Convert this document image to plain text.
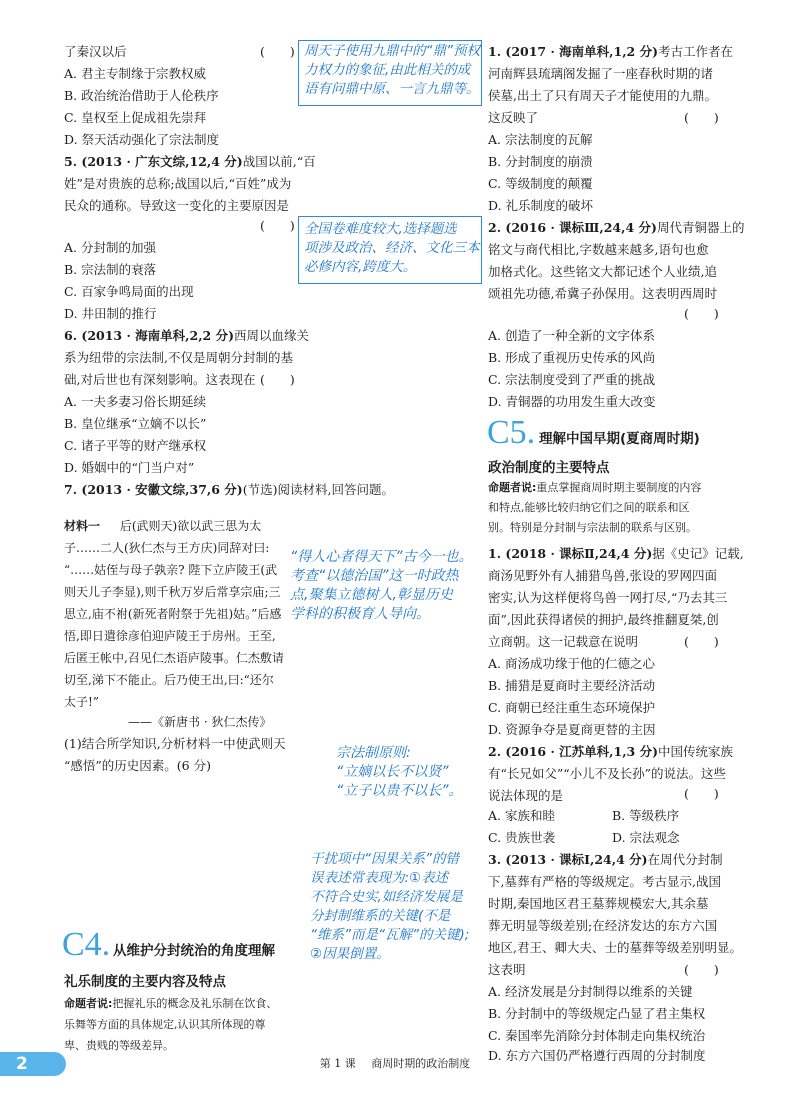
了秦汉以后	(　　)
A. 君主专制缘于宗教权威
B. 政治统治借助于人伦秩序
C. 皇权至上促成祖先崇拜
D. 祭天活动强化了宗法制度
5. (2013 · 广东文综,12,4 分)战国以前,“百
姓”是对贵族的总称;战国以后,“百姓”成为
民众的通称。导致这一变化的主要原因是
(　　)
A. 分封制的加强
B. 宗法制的衰落
C. 百家争鸣局面的出现
D. 井田制的推行
6. (2013 · 海南单科,2,2 分)西周以血缘关
系为纽带的宗法制,不仅是周朝分封制的基
础,对后世也有深刻影响。这表现在 (　　)
A. 一夫多妻习俗长期延续
B. 皇位继承“立嫡不以长”
C. 诸子平等的财产继承权
D. 婚姻中的“门当户对”
7. (2013 · 安徽文综,37,6 分)(节选)阅读材料,回答问题。
材料一 后(武则天)欲以武三思为太
子……二人(狄仁杰与王方庆)同辞对曰:
“……姑侄与母子孰亲? 陛下立庐陵王(武
则天儿子李显),则千秋万岁后常享宗庙;三
思立,庙不祔(新死者附祭于先祖)姑。”后感
悟,即日遣徐彦伯迎庐陵王于房州。王至,
后匿王帐中,召见仁杰语庐陵事。仁杰敷请
切至,涕下不能止。后乃使王出,曰:“还尔
太子!”
——《新唐书 · 狄仁杰传》
(1)结合所学知识,分析材料一中使武则天
“感悟”的历史因素。(6 分)
C4. 从维护分封统治的角度理解
礼乐制度的主要内容及特点
命题者说:把握礼乐的概念及礼乐制在饮食、
乐舞等方面的具体规定,认识其所体现的尊
卑、贵贱的等级差异。
1. (2017 · 海南单科,1,2 分)考古工作者在
河南辉县琉璃阁发掘了一座春秋时期的诸
侯墓,出土了只有周天子才能使用的九鼎。
这反映了	(　　)
A. 宗法制度的瓦解
B. 分封制度的崩溃
C. 等级制度的颠覆
D. 礼乐制度的破坏
2. (2016 · 课标Ⅲ,24,4 分)周代青铜器上的
铭文与商代相比,字数越来越多,语句也愈
加格式化。这些铭文大都记述个人业绩,追
颂祖先功德,希冀子孙保用。这表明西周时
(　　)
A. 创造了一种全新的文字体系
B. 形成了重视历史传承的风尚
C. 宗法制度受到了严重的挑战
D. 青铜器的功用发生重大改变
C5. 理解中国早期(夏商周时期)
政治制度的主要特点
命题者说:重点掌握商周时期主要制度的内容
和特点,能够比较归纳它们之间的联系和区
别。特别是分封制与宗法制的联系与区别。
1. (2018 · 课标Ⅱ,24,4 分)据《史记》记载,
商汤见野外有人捕猎鸟兽,张设的罗网四面
密实,认为这样便将鸟兽一网打尽,“乃去其三
面”,因此获得诸侯的拥护,最终推翻夏桀,创
立商朝。这一记载意在说明	(　　)
A. 商汤成功缘于他的仁德之心
B. 捕猎是夏商时主要经济活动
C. 商朝已经注重生态环境保护
D. 资源争夺是夏商更替的主因
2. (2016 · 江苏单科,1,3 分)中国传统家族
有“长兄如父”“小儿不及长孙”的说法。这些
说法体现的是	(　　)
A. 家族和睦	B. 等级秩序
C. 贵族世袭	D. 宗法观念
3. (2013 · 课标Ⅰ,24,4 分)在周代分封制
下,墓葬有严格的等级规定。考古显示,战国
时期,秦国地区君王墓葬规模宏大,其余墓
葬无明显等级差别;在经济发达的东方六国
地区,君王、卿大夫、士的墓葬等级差别明显。
这表明	(　　)
A. 经济发展是分封制得以维系的关键
B. 分封制中的等级规定凸显了君主集权
C. 秦国率先消除分封体制走向集权统治
D. 东方六国仍严格遵行西周的分封制度
周天子使用九鼎中的“鼎”预权
力权力的象征,由此相关的成
语有问鼎中原、一言九鼎等。
全国卷难度较大,选择题选
项涉及政治、经济、文化三本
必修内容,跨度大。
“得人心者得天下”古今一也。
考查“以德治国”这一时政热
点,聚集立德树人,彰显历史
学科的积极育人导向。
宗法制原则:
“立嫡以长不以贤”
“立子以贵不以长”。
干扰项中“因果关系”的错
误表述常表现为:①表述
不符合史实,如经济发展是
分封制维系的关键(不是
“维系”而是“瓦解”的关键);
②因果倒置。
2	第 1 课 商周时期的政治制度
